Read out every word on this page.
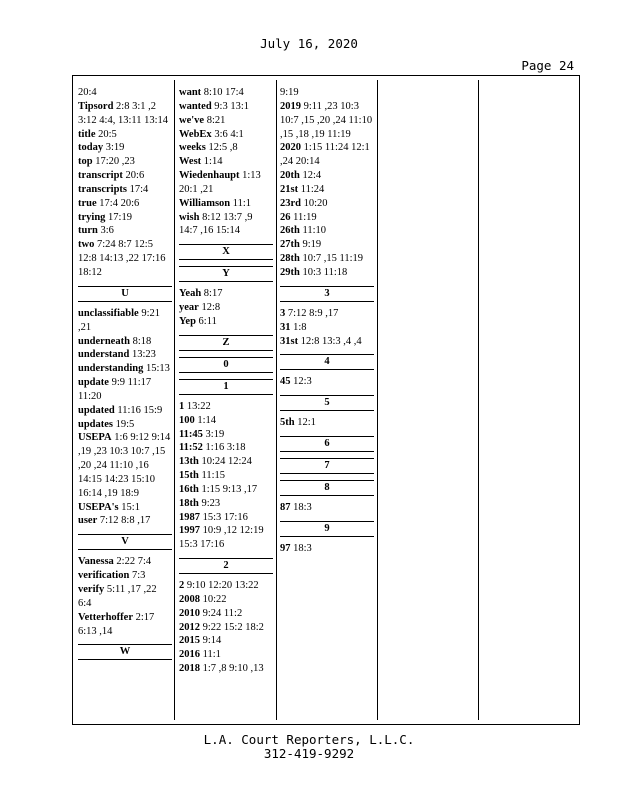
July 16, 2020
Page 24
20:4
Tipsord 2:8 3:1 ,2 3:12 4:4, 13:11 13:14
title 20:5
today 3:19
top 17:20 ,23
transcript 20:6
transcripts 17:4
true 17:4 20:6
trying 17:19
turn 3:6
two 7:24 8:7 12:5 12:8 14:13 ,22 17:16 18:12
U
unclassifiable 9:21 ,21
underneath 8:18
understand 13:23
understanding 15:13
update 9:9 11:17 11:20
updated 11:16 15:9
updates 19:5
USEPA 1:6 9:12 9:14 ,19 ,23 10:3 10:7 ,15 ,20 ,24 11:10 ,16 14:15 14:23 15:10 16:14 ,19 18:9
USEPA's 15:1
user 7:12 8:8 ,17
V
Vanessa 2:22 7:4
verification 7:3
verify 5:11 ,17 ,22 6:4
Vetterhoffer 2:17 6:13 ,14
W
want 8:10 17:4
wanted 9:3 13:1
we've 8:21
WebEx 3:6 4:1
weeks 12:5 ,8
West 1:14
Wiedenhaupt 1:13 20:1 ,21
Williamson 11:1
wish 8:12 13:7 ,9 14:7 ,16 15:14
X
Y
Yeah 8:17
year 12:8
Yep 6:11
Z
0
1
1 13:22
100 1:14
11:45 3:19
11:52 1:16 3:18
13th 10:24 12:24
15th 11:15
16th 1:15 9:13 ,17
18th 9:23
1987 15:3 17:16
1997 10:9 ,12 12:19 15:3 17:16
2
2 9:10 12:20 13:22
2008 10:22
2010 9:24 11:2
2012 9:22 15:2 18:2
2015 9:14
2016 11:1
2018 1:7 ,8 9:10 ,13
9:19
2019 9:11 ,23 10:3 10:7 ,15 ,20 ,24 11:10 ,15 ,18 ,19 11:19
2020 1:15 11:24 12:1 ,24 20:14
20th 12:4
21st 11:24
23rd 10:20
26 11:19
26th 11:10
27th 9:19
28th 10:7 ,15 11:19
29th 10:3 11:18
3
3 7:12 8:9 ,17
31 1:8
31st 12:8 13:3 ,4 ,4
4
45 12:3
5
5th 12:1
6
7
8
87 18:3
9
97 18:3
L.A. Court Reporters, L.L.C.
312-419-9292
